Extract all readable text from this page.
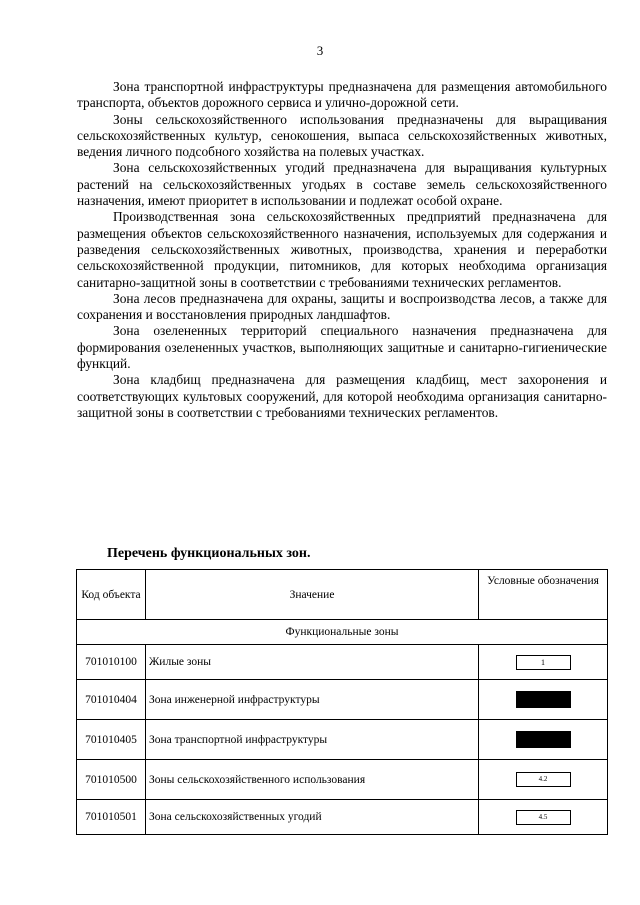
3

Зона транспортной инфраструктуры предназначена для размещения автомобильного транспорта, объектов дорожного сервиса и улично-дорожной сети.

Зоны сельскохозяйственного использования предназначены для выращивания сельскохозяйственных культур, сенокошения, выпаса сельскохозяйственных животных, ведения личного подсобного хозяйства на полевых участках.

Зона сельскохозяйственных угодий предназначена для выращивания культурных растений на сельскохозяйственных угодьях в составе земель сельскохозяйственного назначения, имеют приоритет в использовании и подлежат особой охране.

Производственная зона сельскохозяйственных предприятий предназначена для размещения объектов сельскохозяйственного назначения, используемых для содержания и разведения сельскохозяйственных животных, производства, хранения и переработки сельскохозяйственной продукции, питомников, для которых необходима организация санитарно-защитной зоны в соответствии с требованиями технических регламентов.

Зона лесов предназначена для охраны, защиты и воспроизводства лесов, а также для сохранения и восстановления природных ландшафтов.

Зона озелененных территорий специального назначения предназначена для формирования озелененных участков, выполняющих защитные и санитарно-гигиенические функций.

Зона кладбищ предназначена для размещения кладбищ, мест захоронения и соответствующих культовых сооружений, для которой необходима организация санитарно-защитной зоны в соответствии с требованиями технических регламентов.

Перечень функциональных зон.
Код объекта	Значение	Условные обозначения
Функциональные зоны		
701010100	Жилые зоны	1
701010404	Зона инженерной инфраструктуры	
701010405	Зона транспортной инфраструктуры	
701010500	Зоны сельскохозяйственного использования	4.2
701010501	Зона сельскохозяйственных угодий	4.5
